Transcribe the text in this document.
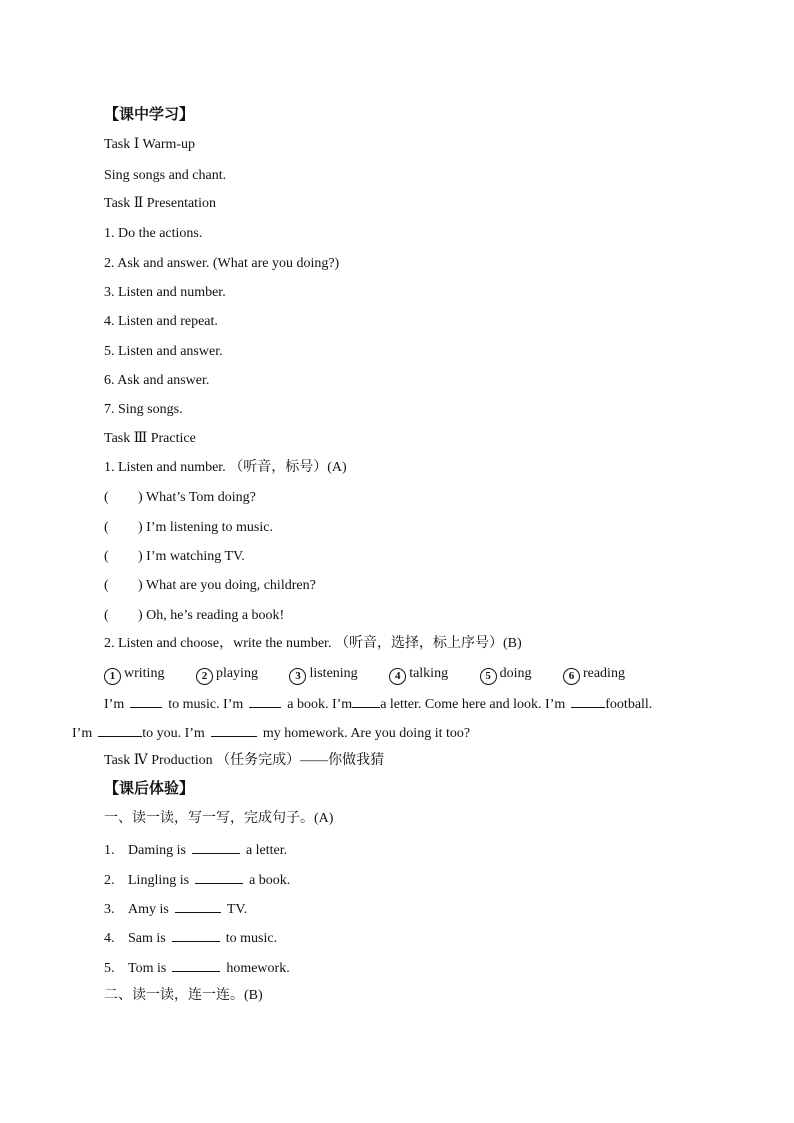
【课中学习】
Task Ⅰ Warm-up
Sing songs and chant.
Task Ⅱ Presentation
1. Do the actions.
2. Ask and answer. (What are you doing?)
3. Listen and number.
4. Listen and repeat.
5. Listen and answer.
6. Ask and answer.
7. Sing songs.
Task Ⅲ Practice
1. Listen and number. （听音，标号）(A)
( ) What’s Tom doing?
( ) I’m listening to music.
( ) I’m watching TV.
( ) What are you doing, children?
( ) Oh, he’s reading a book!
2. Listen and choose，write the number. （听音，选择，标上序号）(B)
1 writing	2 playing	3 listening	4 talking	5 doing	6 reading
I’m	to music. I’m	a book. I’m a letter. Come here and look. I’m	football.
I’m	to you. I’m	my homework. Are you doing it too?
Task Ⅳ Production （任务完成）——你做我猜
【课后体验】
一、读一读，写一写，完成句子。(A)
1. Daming is	a letter.
2. Lingling is	a book.
3. Amy is	TV.
4. Sam is	to music.
5. Tom is	homework.
二、读一读，连一连。(B)
